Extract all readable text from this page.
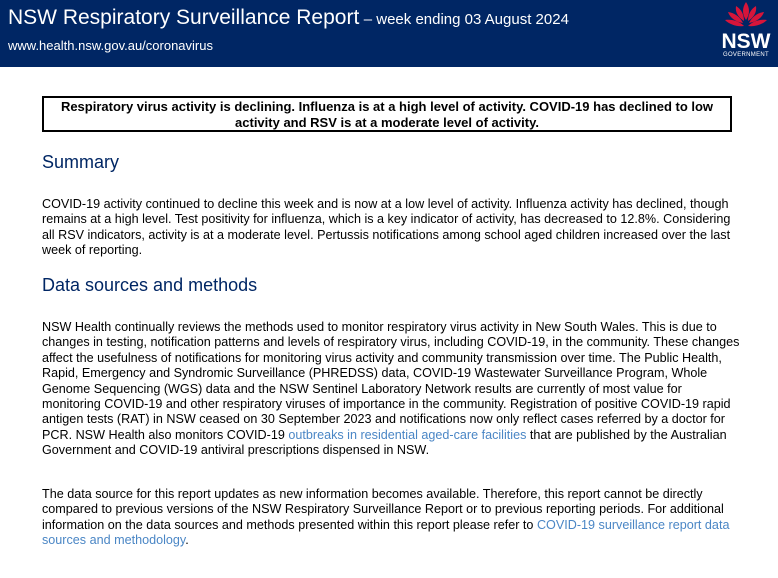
NSW Respiratory Surveillance Report – week ending 03 August 2024
www.health.nsw.gov.au/coronavirus	NSW
GOVERNMENT
Respiratory virus activity is declining. Influenza is at a high level of activity. COVID-19 has declined to low activity and RSV is at a moderate level of activity.
Summary

COVID-19 activity continued to decline this week and is now at a low level of activity. Influenza activity has declined, though remains at a high level. Test positivity for influenza, which is a key indicator of activity, has decreased to 12.8%. Considering all RSV indicators, activity is at a moderate level. Pertussis notifications among school aged children increased over the last week of reporting.

Data sources and methods

NSW Health continually reviews the methods used to monitor respiratory virus activity in New South Wales. This is due to changes in testing, notification patterns and levels of respiratory virus, including COVID-19, in the community. These changes affect the usefulness of notifications for monitoring virus activity and community transmission over time. The Public Health, Rapid, Emergency and Syndromic Surveillance (PHREDSS) data, COVID-19 Wastewater Surveillance Program, Whole Genome Sequencing (WGS) data and the NSW Sentinel Laboratory Network results are currently of most value for monitoring COVID-19 and other respiratory viruses of importance in the community. Registration of positive COVID-19 rapid antigen tests (RAT) in NSW ceased on 30 September 2023 and notifications now only reflect cases referred by a doctor for PCR. NSW Health also monitors COVID-19 outbreaks in residential aged-care facilities that are published by the Australian Government and COVID-19 antiviral prescriptions dispensed in NSW.

The data source for this report updates as new information becomes available. Therefore, this report cannot be directly compared to previous versions of the NSW Respiratory Surveillance Report or to previous reporting periods. For additional information on the data sources and methods presented within this report please refer to COVID-19 surveillance report data sources and methodology.
